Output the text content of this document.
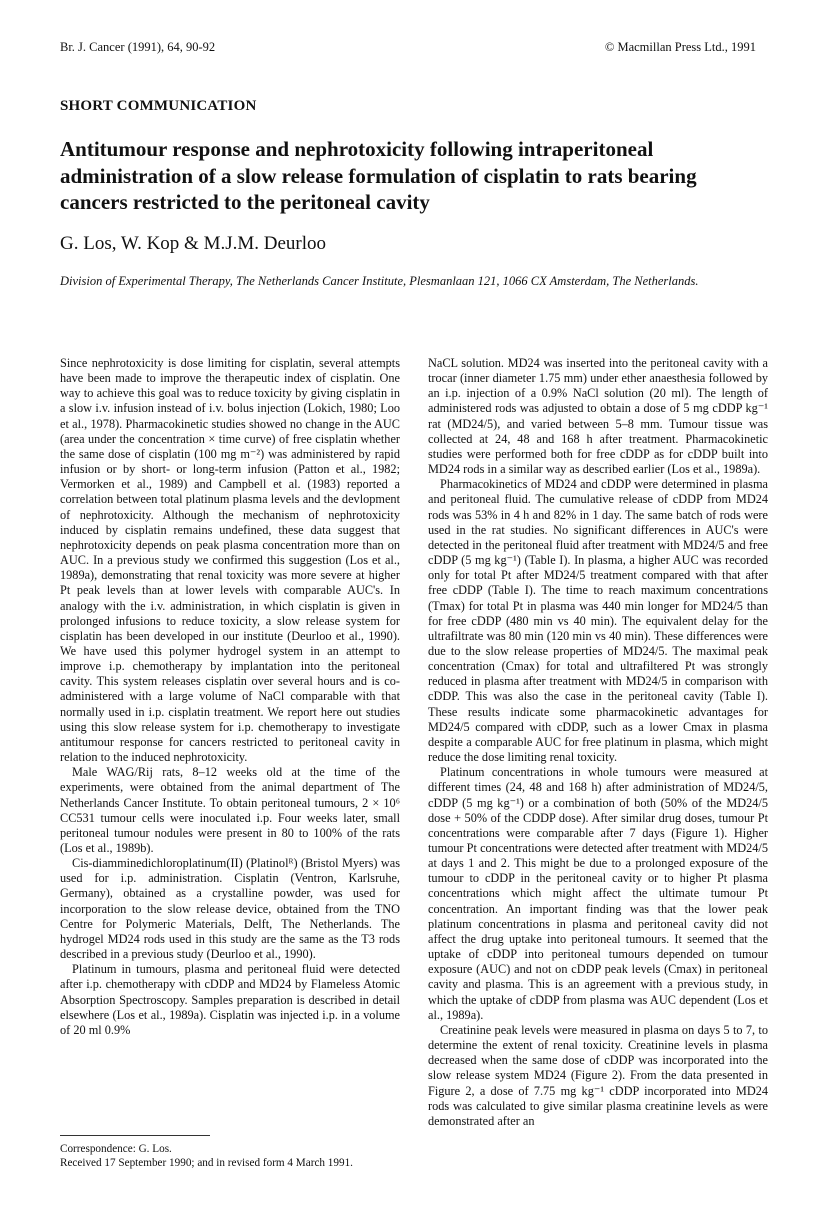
Br. J. Cancer (1991), 64, 90-92	© Macmillan Press Ltd., 1991
SHORT COMMUNICATION
Antitumour response and nephrotoxicity following intraperitoneal administration of a slow release formulation of cisplatin to rats bearing cancers restricted to the peritoneal cavity
G. Los, W. Kop & M.J.M. Deurloo
Division of Experimental Therapy, The Netherlands Cancer Institute, Plesmanlaan 121, 1066 CX Amsterdam, The Netherlands.

Since nephrotoxicity is dose limiting for cisplatin, several attempts have been made to improve the therapeutic index of cisplatin. One way to achieve this goal was to reduce toxicity by giving cisplatin in a slow i.v. infusion instead of i.v. bolus injection (Lokich, 1980; Loo et al., 1978). Pharmacokinetic studies showed no change in the AUC (area under the concentration × time curve) of free cisplatin whether the same dose of cisplatin (100 mg m⁻²) was administered by rapid infusion or by short- or long-term infusion (Patton et al., 1982; Vermorken et al., 1989) and Campbell et al. (1983) reported a correlation between total platinum plasma levels and the devlopment of nephrotoxicity. Although the mechanism of nephrotoxicity induced by cisplatin remains undefined, these data suggest that nephrotoxicity depends on peak plasma concentration more than on AUC. In a previous study we confirmed this suggestion (Los et al., 1989a), demonstrating that renal toxicity was more severe at higher Pt peak levels than at lower levels with comparable AUC's. In analogy with the i.v. administration, in which cisplatin is given in prolonged infusions to reduce toxicity, a slow release system for cisplatin has been developed in our institute (Deurloo et al., 1990). We have used this polymer hydrogel system in an attempt to improve i.p. chemotherapy by implantation into the peritoneal cavity. This system releases cisplatin over several hours and is co-administered with a large volume of NaCl comparable with that normally used in i.p. cisplatin treatment. We report here out studies using this slow release system for i.p. chemotherapy to investigate antitumour response for cancers restricted to peritoneal cavity in relation to the induced nephrotoxicity.

Male WAG/Rij rats, 8–12 weeks old at the time of the experiments, were obtained from the animal department of The Netherlands Cancer Institute. To obtain peritoneal tumours, 2 × 10⁶ CC531 tumour cells were inoculated i.p. Four weeks later, small peritoneal tumour nodules were present in 80 to 100% of the rats (Los et al., 1989b).

Cis-diamminedichloroplatinum(II) (Platinolᴿ) (Bristol Myers) was used for i.p. administration. Cisplatin (Ventron, Karlsruhe, Germany), obtained as a crystalline powder, was used for incorporation to the slow release device, obtained from the TNO Centre for Polymeric Materials, Delft, The Netherlands. The hydrogel MD24 rods used in this study are the same as the T3 rods described in a previous study (Deurloo et al., 1990).

Platinum in tumours, plasma and peritoneal fluid were detected after i.p. chemotherapy with cDDP and MD24 by Flameless Atomic Absorption Spectroscopy. Samples preparation is described in detail elsewhere (Los et al., 1989a). Cisplatin was injected i.p. in a volume of 20 ml 0.9%

NaCL solution. MD24 was inserted into the peritoneal cavity with a trocar (inner diameter 1.75 mm) under ether anaesthesia followed by an i.p. injection of a 0.9% NaCl solution (20 ml). The length of administered rods was adjusted to obtain a dose of 5 mg cDDP kg⁻¹ rat (MD24/5), and varied between 5–8 mm. Tumour tissue was collected at 24, 48 and 168 h after treatment. Pharmacokinetic studies were performed both for free cDDP as for cDDP built into MD24 rods in a similar way as described earlier (Los et al., 1989a).

Pharmacokinetics of MD24 and cDDP were determined in plasma and peritoneal fluid. The cumulative release of cDDP from MD24 rods was 53% in 4 h and 82% in 1 day. The same batch of rods were used in the rat studies. No significant differences in AUC's were detected in the peritoneal fluid after treatment with MD24/5 and free cDDP (5 mg kg⁻¹) (Table I). In plasma, a higher AUC was recorded only for total Pt after MD24/5 treatment compared with that after free cDDP (Table I). The time to reach maximum concentrations (Tmax) for total Pt in plasma was 440 min longer for MD24/5 than for free cDDP (480 min vs 40 min). The equivalent delay for the ultrafiltrate was 80 min (120 min vs 40 min). These differences were due to the slow release properties of MD24/5. The maximal peak concentration (Cmax) for total and ultrafiltered Pt was strongly reduced in plasma after treatment with MD24/5 in comparison with cDDP. This was also the case in the peritoneal cavity (Table I). These results indicate some pharmacokinetic advantages for MD24/5 compared with cDDP, such as a lower Cmax in plasma despite a comparable AUC for free platinum in plasma, which might reduce the dose limiting renal toxicity.

Platinum concentrations in whole tumours were measured at different times (24, 48 and 168 h) after administration of MD24/5, cDDP (5 mg kg⁻¹) or a combination of both (50% of the MD24/5 dose + 50% of the CDDP dose). After similar drug doses, tumour Pt concentrations were comparable after 7 days (Figure 1). Higher tumour Pt concentrations were detected after treatment with MD24/5 at days 1 and 2. This might be due to a prolonged exposure of the tumour to cDDP in the peritoneal cavity or to higher Pt plasma concentrations which might affect the ultimate tumour Pt concentration. An important finding was that the lower peak platinum concentrations in plasma and peritoneal cavity did not affect the drug uptake into peritoneal tumours. It seemed that the uptake of cDDP into peritoneal tumours depended on tumour exposure (AUC) and not on cDDP peak levels (Cmax) in peritoneal cavity and plasma. This is an agreement with a previous study, in which the uptake of cDDP from plasma was AUC dependent (Los et al., 1989a).

Creatinine peak levels were measured in plasma on days 5 to 7, to determine the extent of renal toxicity. Creatinine levels in plasma decreased when the same dose of cDDP was incorporated into the slow release system MD24 (Figure 2). From the data presented in Figure 2, a dose of 7.75 mg kg⁻¹ cDDP incorporated into MD24 rods was calculated to give similar plasma creatinine levels as were demonstrated after an

Correspondence: G. Los.
Received 17 September 1990; and in revised form 4 March 1991.
